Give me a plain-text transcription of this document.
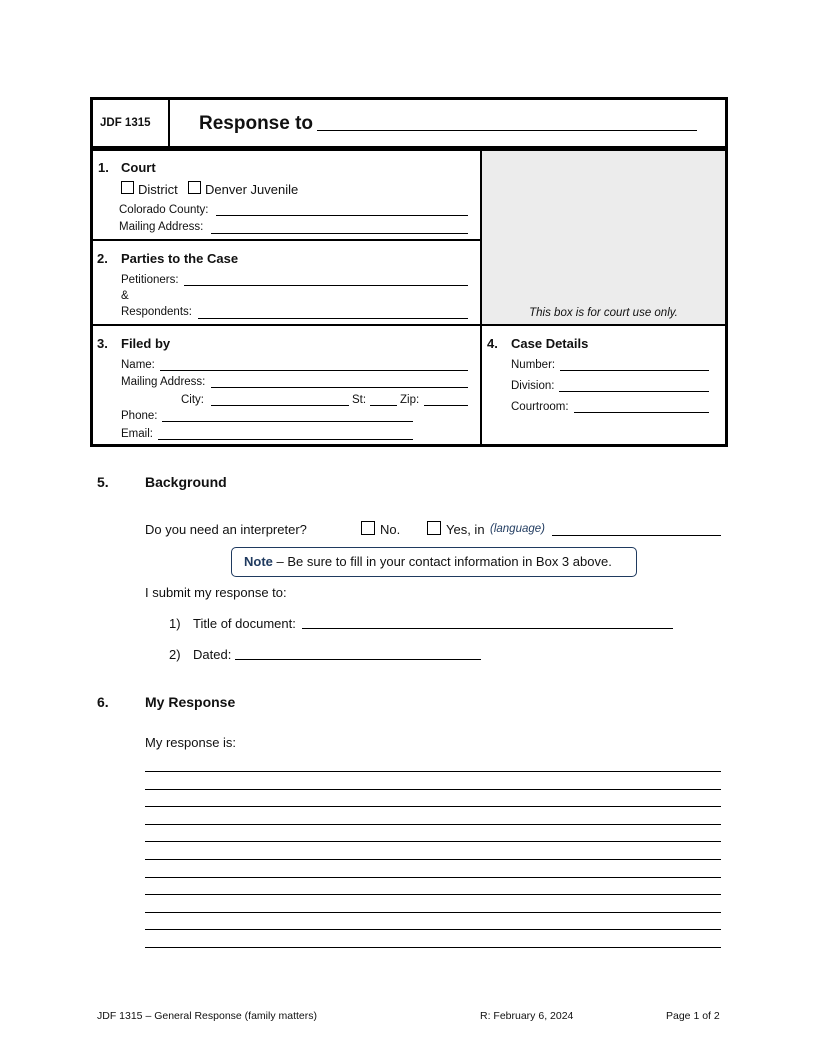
JDF 1315	Response to
1. Court
District Denver Juvenile
Colorado County:
Mailing Address:
2. Parties to the Case
Petitioners:
&
Respondents:	This box is for court use only.
3. Filed by
Name:
Mailing Address:
City:	St:	Zip:
Phone:
Email:
4. Case Details
Number:
Division:
Courtroom:
5.	Background
Do you need an interpreter?	No.	Yes, in (language)
Note – Be sure to fill in your contact information in Box 3 above.
I submit my response to:
1) Title of document:
2) Dated:
6.	My Response
My response is:
JDF 1315 – General Response (family matters)	R: February 6, 2024	Page 1 of 2
